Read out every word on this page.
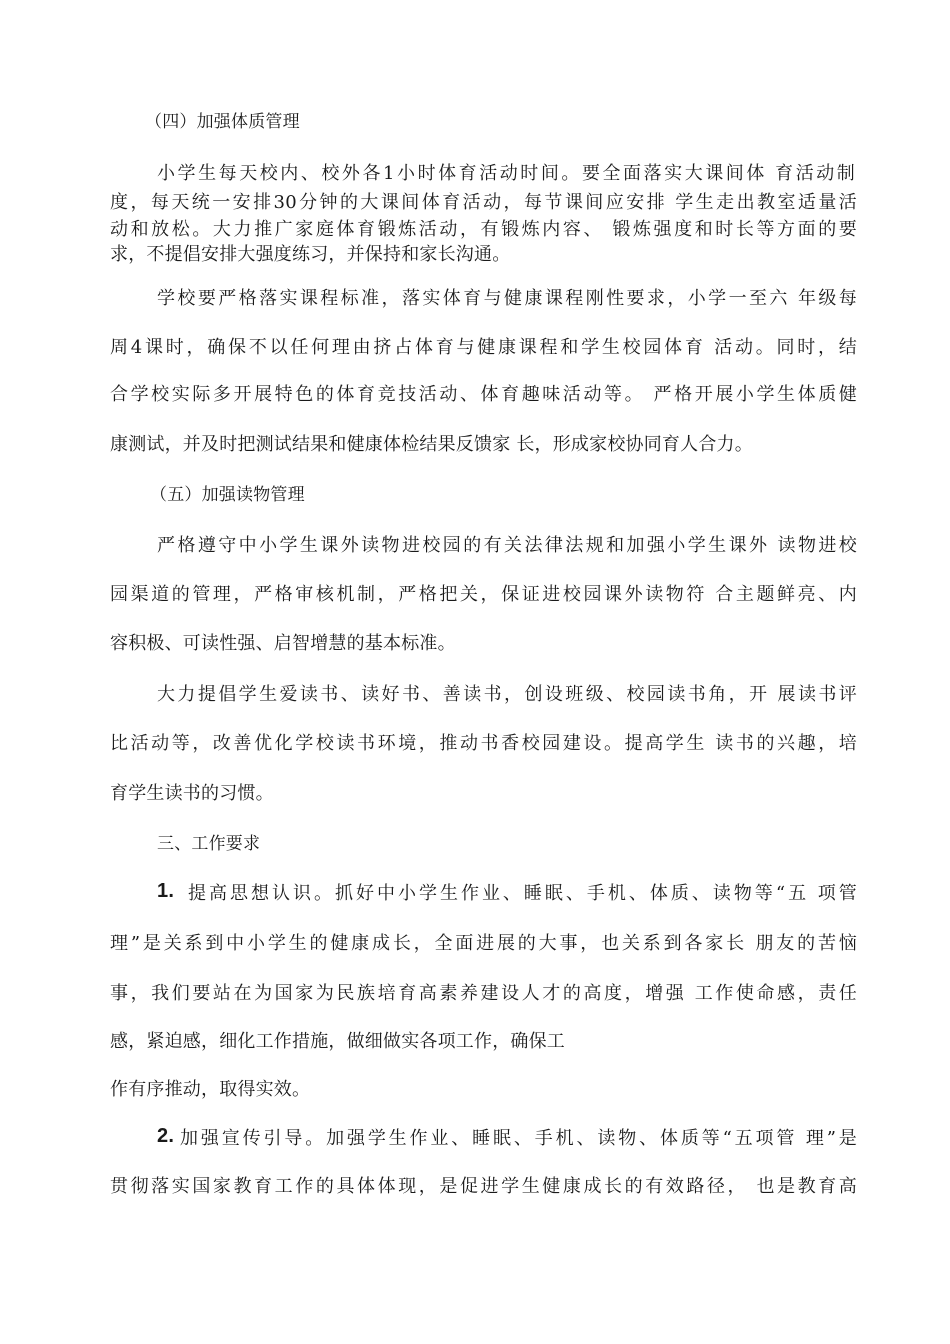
（四）加强体质管理
小学生每天校内、校外各1小时体育活动时间。要全面落实大课间体 育活动制
度，每天统一安排30分钟的大课间体育活动，每节课间应安排 学生走出教室适量活
动和放松。大力推广家庭体育锻炼活动，有锻炼内容、 锻炼强度和时长等方面的要
求，不提倡安排大强度练习，并保持和家长沟通。
学校要严格落实课程标准，落实体育与健康课程刚性要求，小学一至六 年级每
周4课时，确保不以任何理由挤占体育与健康课程和学生校园体育 活动。同时，结
合学校实际多开展特色的体育竞技活动、体育趣味活动等。 严格开展小学生体质健
康测试，并及时把测试结果和健康体检结果反馈家 长，形成家校协同育人合力。
（五）加强读物管理
严格遵守中小学生课外读物进校园的有关法律法规和加强小学生课外 读物进校
园渠道的管理，严格审核机制，严格把关，保证进校园课外读物符 合主题鲜亮、内
容积极、可读性强、启智增慧的基本标准。
大力提倡学生爱读书、读好书、善读书，创设班级、校园读书角，开 展读书评
比活动等，改善优化学校读书环境，推动书香校园建设。提高学生 读书的兴趣，培
育学生读书的习惯。
三、工作要求
1. 提高思想认识。抓好中小学生作业、睡眠、手机、体质、读物等“五 项管
理”是关系到中小学生的健康成长，全面进展的大事，也关系到各家长 朋友的苦恼
事，我们要站在为国家为民族培育高素养建设人才的高度，增强 工作使命感，责任
感，紧迫感，细化工作措施，做细做实各项工作，确保工
作有序推动，取得实效。
2. 加强宣传引导。加强学生作业、睡眠、手机、读物、体质等“五项管 理”是
贯彻落实国家教育工作的具体体现，是促进学生健康成长的有效路径， 也是教育高
